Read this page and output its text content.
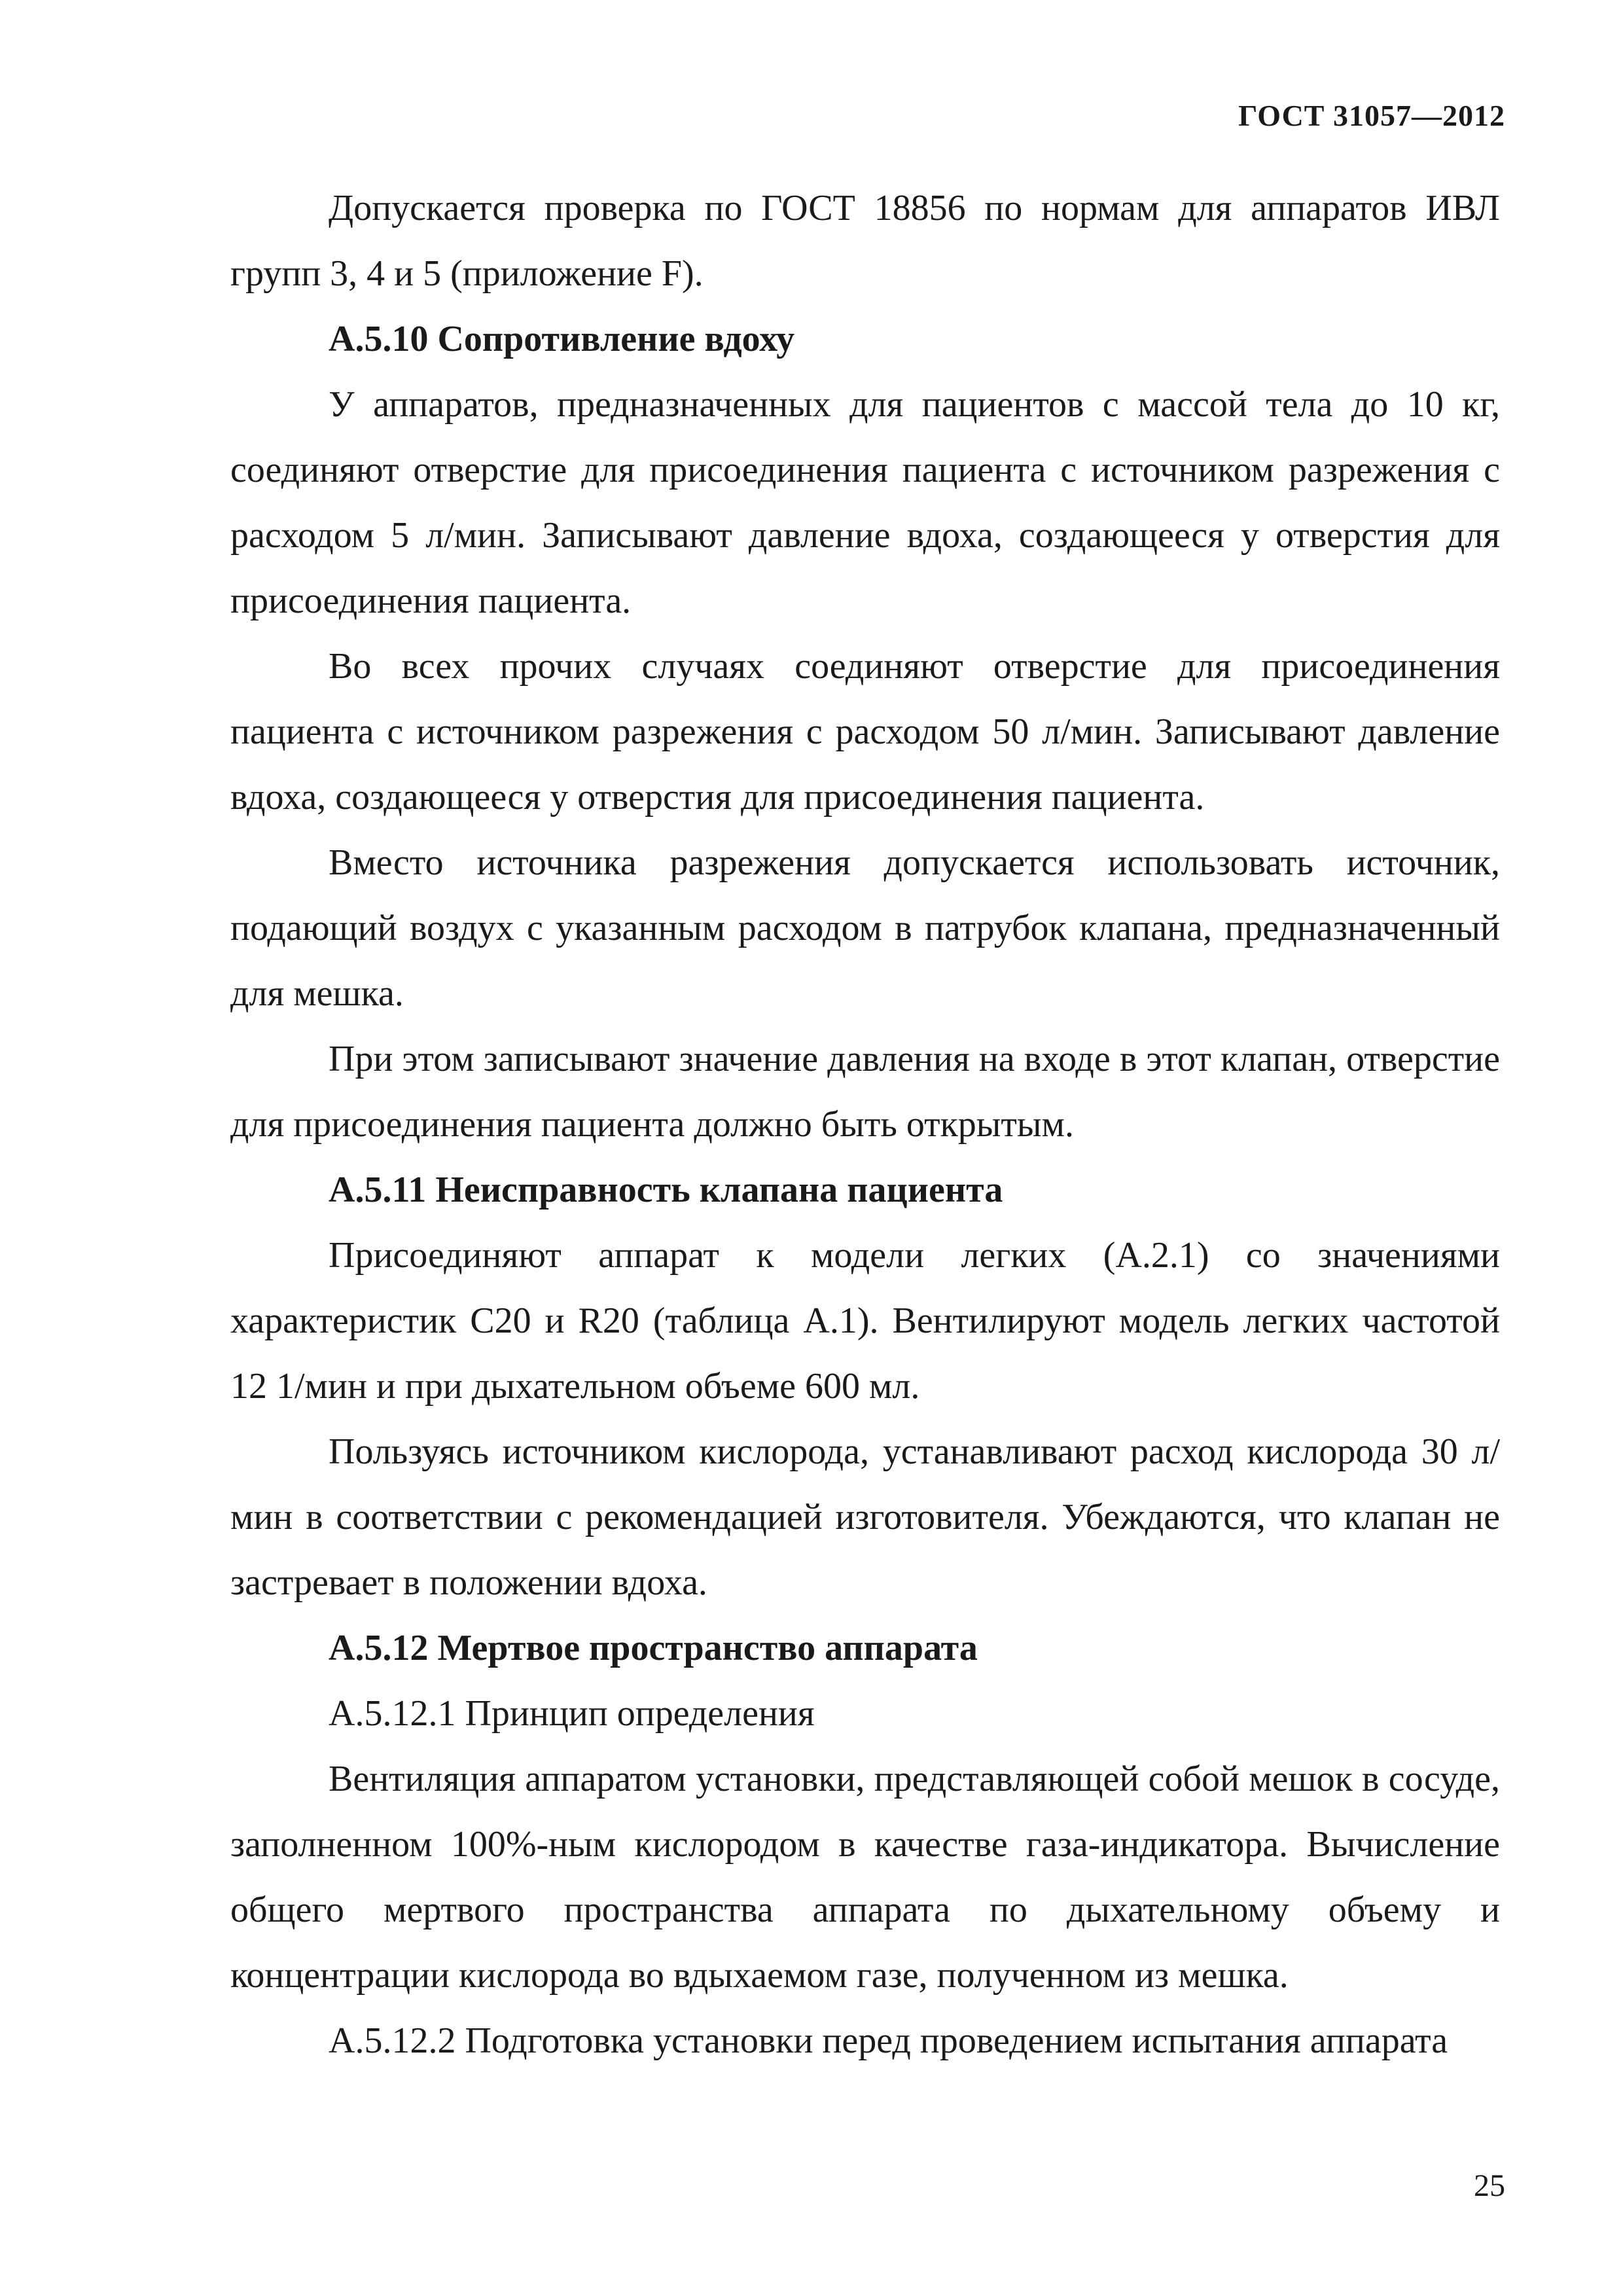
ГОСТ 31057—2012

Допускается проверка по ГОСТ 18856 по нормам для аппаратов ИВЛ групп 3, 4 и 5 (приложение F).

А.5.10 Сопротивление вдоху

У аппаратов, предназначенных для пациентов с массой тела до 10 кг, соединяют отверстие для присоединения пациента с источником разрежения с расходом 5 л/мин. Записывают давление вдоха, создающееся у отверстия для присоединения пациента.

Во всех прочих случаях соединяют отверстие для присоединения пациента с источником разрежения с расходом 50 л/мин. Записывают давление вдоха, создающееся у отверстия для присоединения пациента.

Вместо источника разрежения допускается использовать источник, подающий воздух с указанным расходом в патрубок клапана, предназначенный для мешка.

При этом записывают значение давления на входе в этот клапан, отверстие для присоединения пациента должно быть открытым.

А.5.11 Неисправность клапана пациента

Присоединяют аппарат к модели легких (А.2.1) со значениями характеристик C20 и R20 (таблица А.1). Вентилируют модель легких частотой 12 1/мин и при дыхательном объеме 600 мл.

Пользуясь источником кислорода, устанавливают расход кислорода 30 л/мин в соответствии с рекомендацией изготовителя. Убеждаются, что клапан не застревает в положении вдоха.

А.5.12 Мертвое пространство аппарата

А.5.12.1 Принцип определения

Вентиляция аппаратом установки, представляющей собой мешок в сосуде, заполненном 100%-ным кислородом в качестве газа-индикатора. Вычисление общего мертвого пространства аппарата по дыхательному объему и концентрации кислорода во вдыхаемом газе, полученном из мешка.

А.5.12.2 Подготовка установки перед проведением испытания аппарата

25
